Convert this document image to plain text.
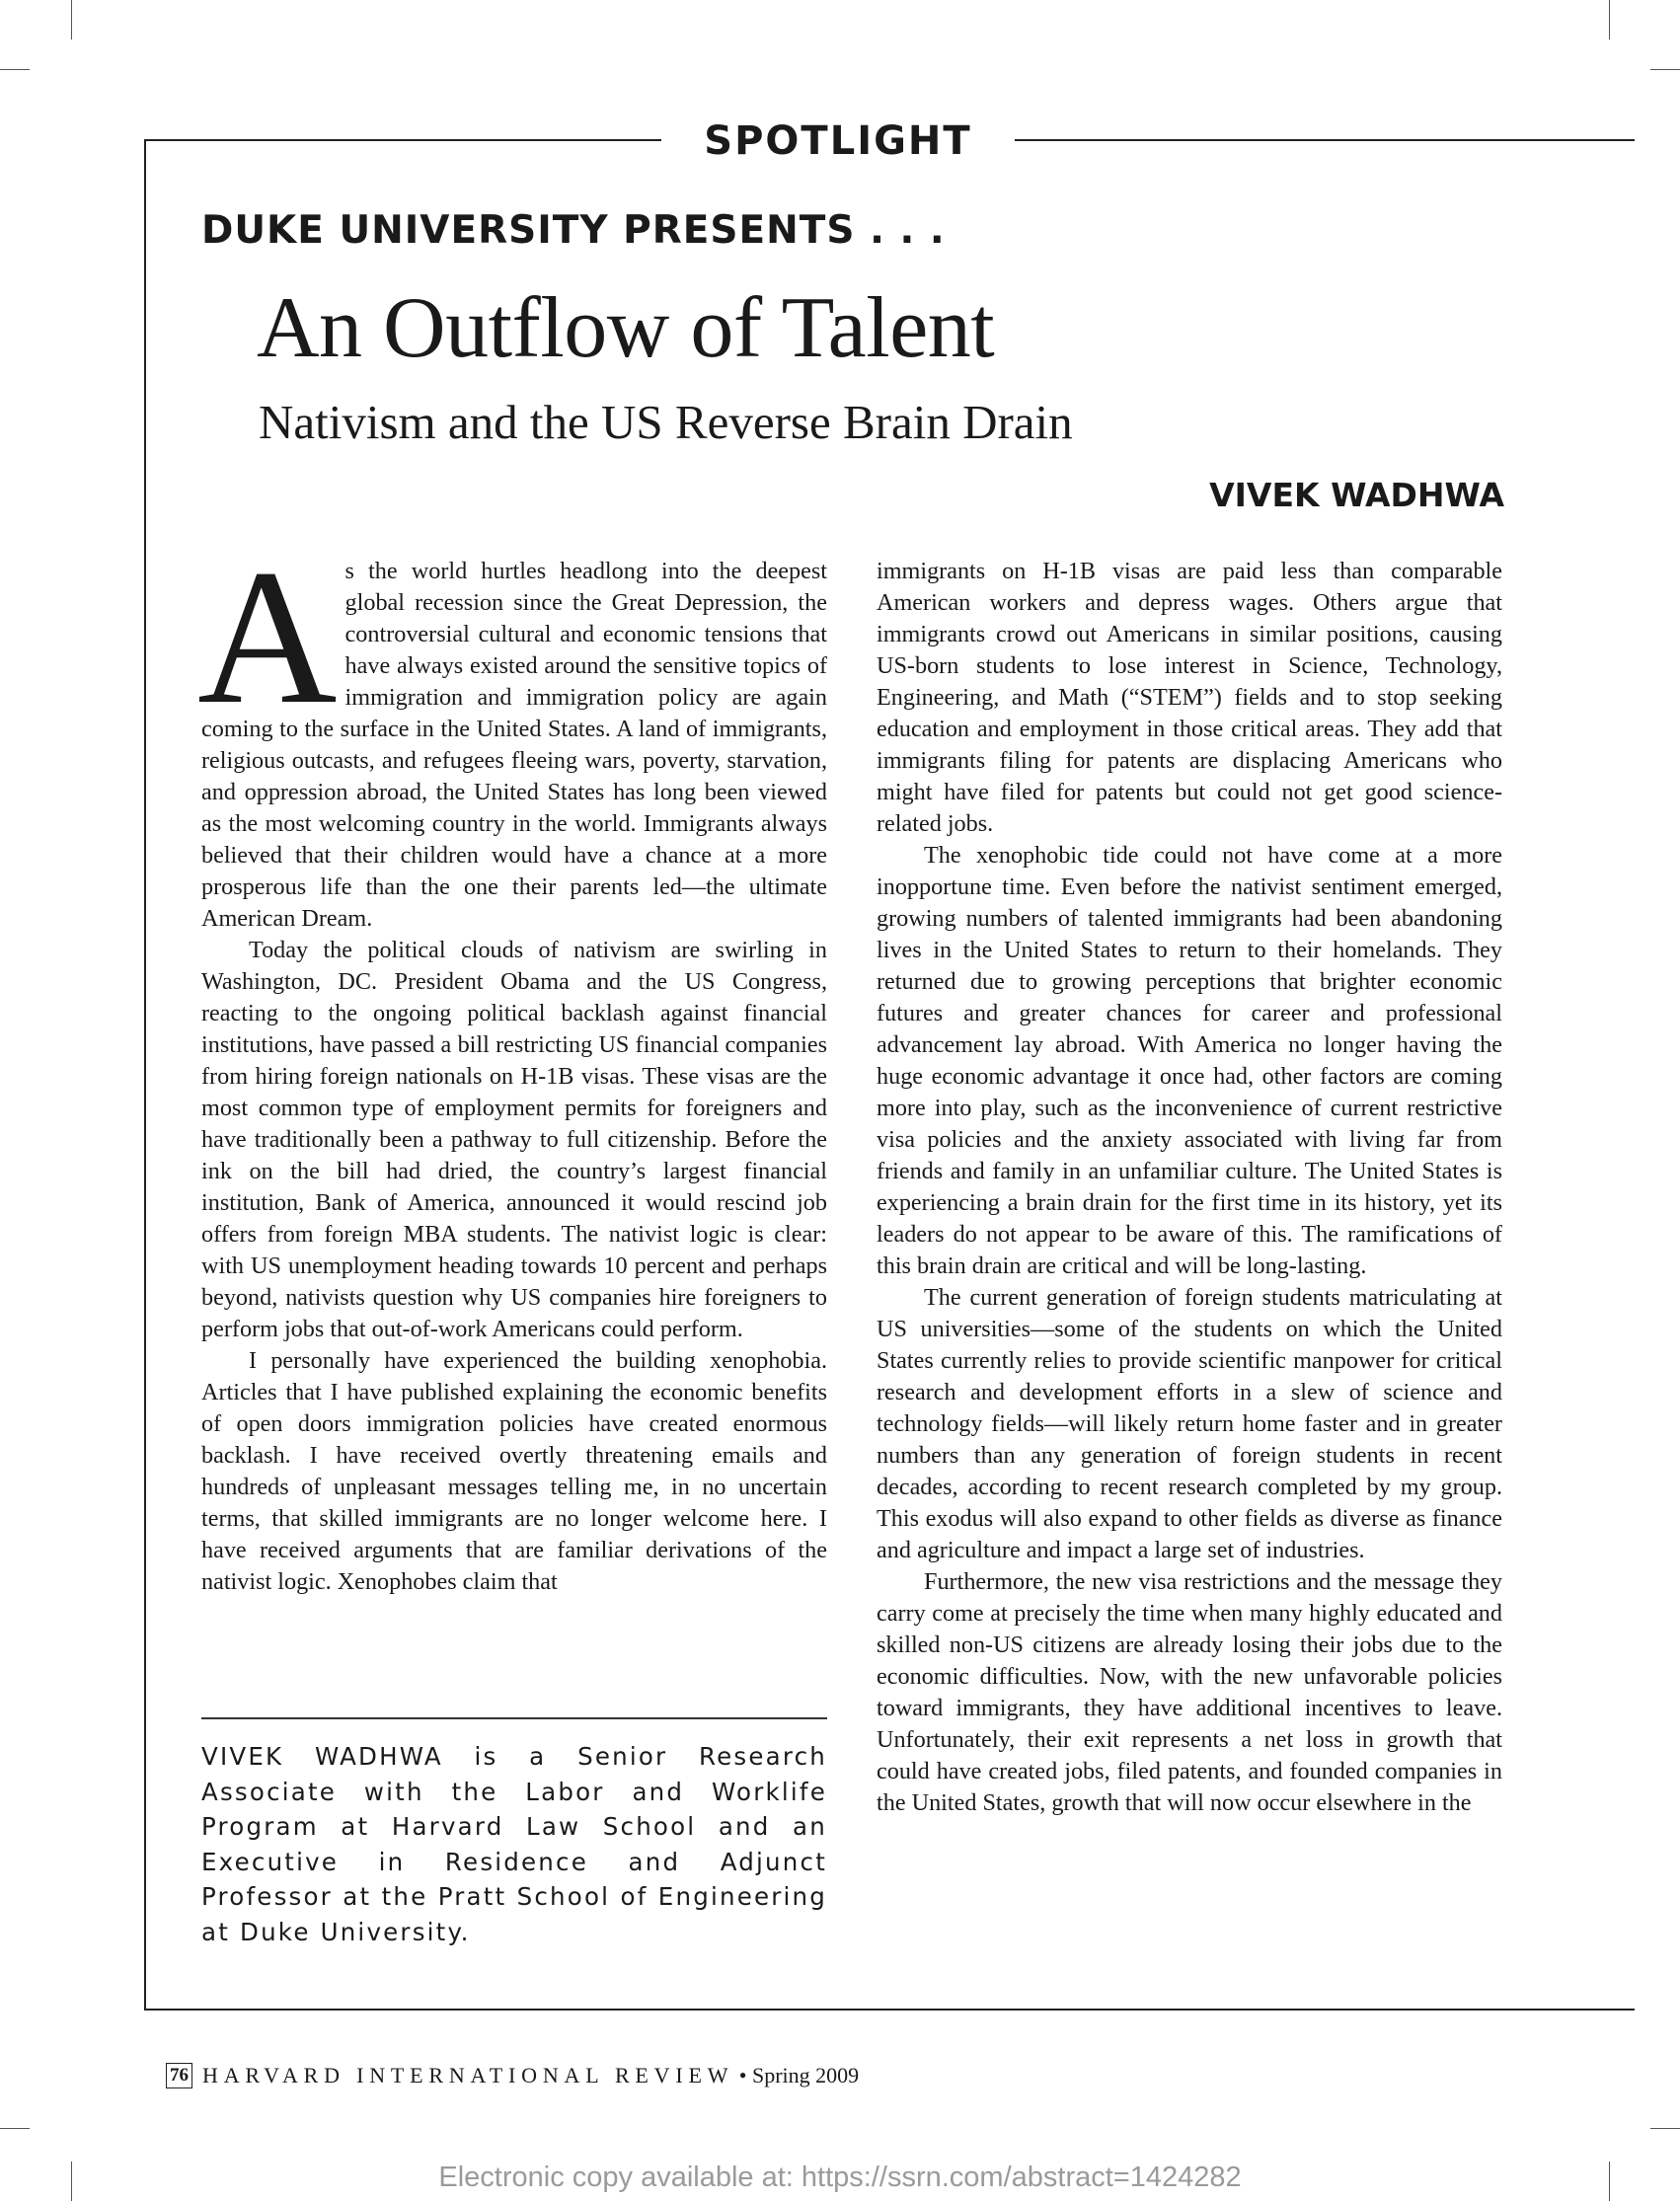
SPOTLIGHT
DUKE UNIVERSITY PRESENTS . . .
An Outflow of Talent
Nativism and the US Reverse Brain Drain
VIVEK WADHWA

As the world hurtles headlong into the deepest global recession since the Great Depression, the controversial cultural and economic tensions that have always existed around the sensitive topics of immigration and immigration policy are again coming to the surface in the United States. A land of immigrants, religious outcasts, and refugees fleeing wars, poverty, starvation, and oppression abroad, the United States has long been viewed as the most welcoming country in the world. Immigrants always believed that their children would have a chance at a more prosperous life than the one their parents led—the ultimate American Dream.

Today the political clouds of nativism are swirling in Washington, DC. President Obama and the US Congress, reacting to the ongoing political backlash against financial institutions, have passed a bill restricting US financial companies from hiring foreign nationals on H-1B visas. These visas are the most common type of employment permits for foreigners and have traditionally been a pathway to full citizenship. Before the ink on the bill had dried, the country’s largest financial institution, Bank of America, announced it would rescind job offers from foreign MBA students. The nativist logic is clear: with US unemployment heading towards 10 percent and perhaps beyond, nativists question why US companies hire foreigners to perform jobs that out-of-work Americans could perform.

I personally have experienced the building xenophobia. Articles that I have published explaining the economic benefits of open doors immigration policies have created enormous backlash. I have received overtly threatening emails and hundreds of unpleasant messages telling me, in no uncertain terms, that skilled immigrants are no longer welcome here. I have received arguments that are familiar derivations of the nativist logic. Xenophobes claim that

immigrants on H-1B visas are paid less than comparable American workers and depress wages. Others argue that immigrants crowd out Americans in similar positions, causing US-born students to lose interest in Science, Technology, Engineering, and Math (“STEM”) fields and to stop seeking education and employment in those critical areas. They add that immigrants filing for patents are displacing Americans who might have filed for patents but could not get good science-related jobs.

The xenophobic tide could not have come at a more inopportune time. Even before the nativist sentiment emerged, growing numbers of talented immigrants had been abandoning lives in the United States to return to their homelands. They returned due to growing perceptions that brighter economic futures and greater chances for career and professional advancement lay abroad. With America no longer having the huge economic advantage it once had, other factors are coming more into play, such as the inconvenience of current restrictive visa policies and the anxiety associated with living far from friends and family in an unfamiliar culture. The United States is experiencing a brain drain for the first time in its history, yet its leaders do not appear to be aware of this. The ramifications of this brain drain are critical and will be long-lasting.

The current generation of foreign students matriculating at US universities—some of the students on which the United States currently relies to provide scientific manpower for critical research and development efforts in a slew of science and technology fields—will likely return home faster and in greater numbers than any generation of foreign students in recent decades, according to recent research completed by my group. This exodus will also expand to other fields as diverse as finance and agriculture and impact a large set of industries.

Furthermore, the new visa restrictions and the message they carry come at precisely the time when many highly educated and skilled non-US citizens are already losing their jobs due to the economic difficulties. Now, with the new unfavorable policies toward immigrants, they have additional incentives to leave. Unfortunately, their exit represents a net loss in growth that could have created jobs, filed patents, and founded companies in the United States, growth that will now occur elsewhere in the

VIVEK WADHWA is a Senior Research Associate with the Labor and Worklife Program at Harvard Law School and an Executive in Residence and Adjunct Professor at the Pratt School of Engineering at Duke University.
76 HARVARD INTERNATIONAL REVIEW • Spring 2009
Electronic copy available at: https://ssrn.com/abstract=1424282
